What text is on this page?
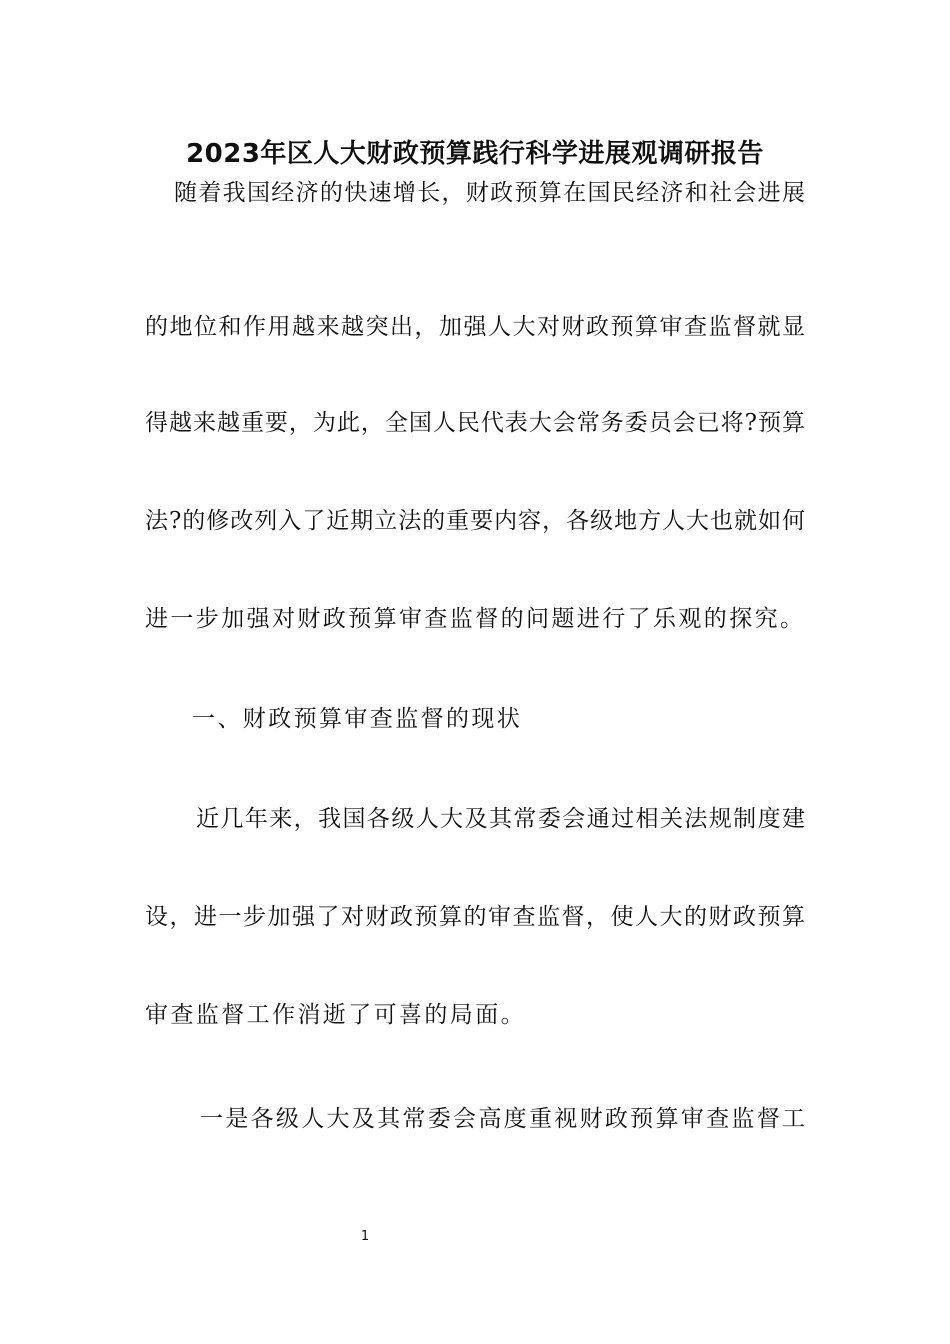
2023年区人大财政预算践行科学进展观调研报告
随着我国经济的快速增长，财政预算在国民经济和社会进展
的地位和作用越来越突出，加强人大对财政预算审查监督就显
得越来越重要，为此，全国人民代表大会常务委员会已将?预算
法?的修改列入了近期立法的重要内容，各级地方人大也就如何
进一步加强对财政预算审查监督的问题进行了乐观的探究。
一、财政预算审查监督的现状
近几年来，我国各级人大及其常委会通过相关法规制度建
设，进一步加强了对财政预算的审查监督，使人大的财政预算
审查监督工作消逝了可喜的局面。
一是各级人大及其常委会高度重视财政预算审查监督工
1
